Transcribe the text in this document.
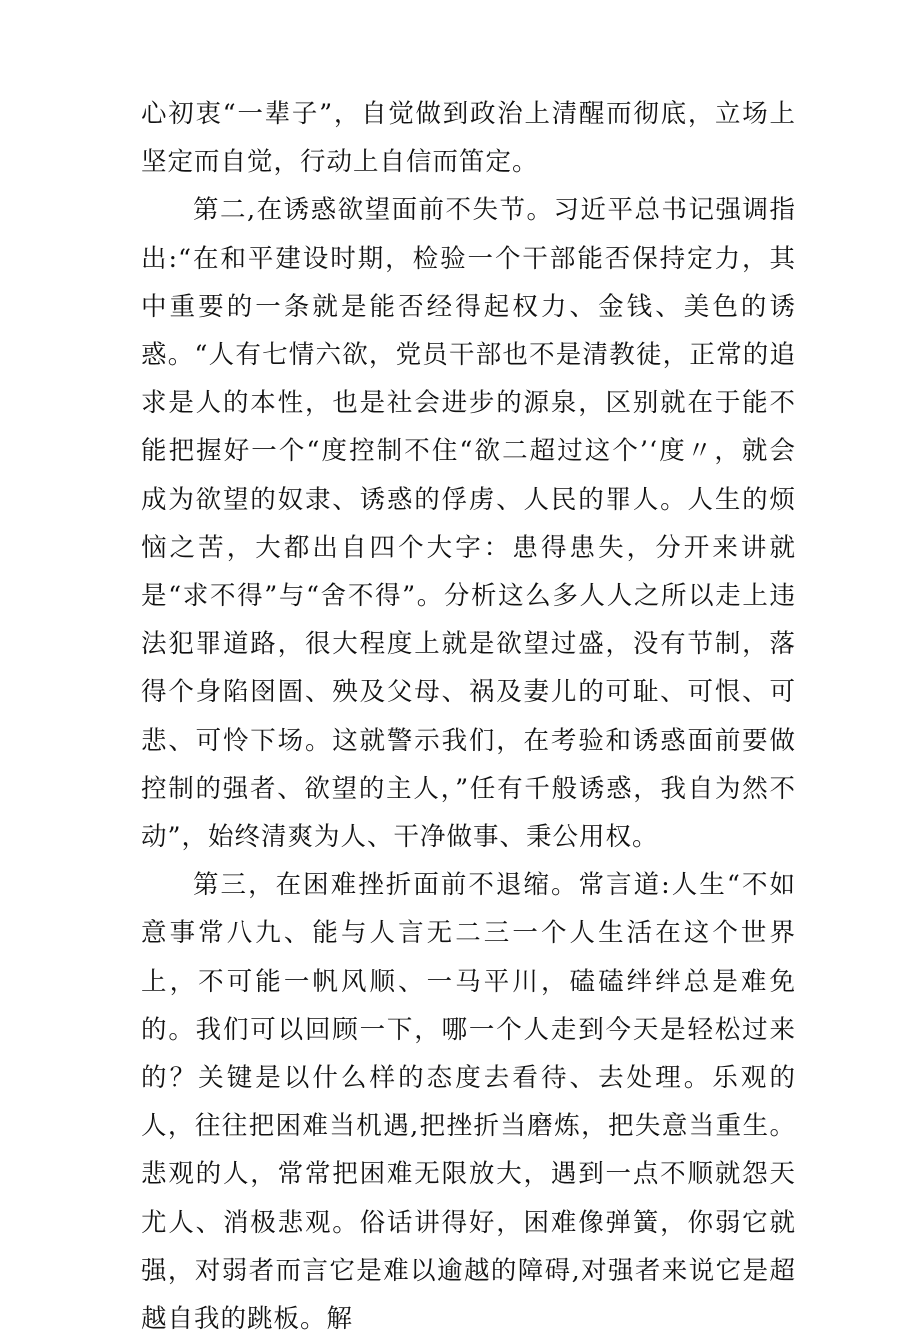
心初衷“一辈子”，自觉做到政治上清醒而彻底，立场上坚定而自觉，行动上自信而笛定。

第二,在诱惑欲望面前不失节。习近平总书记强调指出:“在和平建设时期，检验一个干部能否保持定力，其中重要的一条就是能否经得起权力、金钱、美色的诱惑。“人有七情六欲，党员干部也不是清教徒，正常的追求是人的本性，也是社会进步的源泉，区别就在于能不能把握好一个“度控制不住“欲二超过这个’‘度〃，就会成为欲望的奴隶、诱惑的俘虏、人民的罪人。人生的烦恼之苦，大都出自四个大字：患得患失，分开来讲就是“求不得”与“舍不得”。分析这么多人人之所以走上违法犯罪道路，很大程度上就是欲望过盛，没有节制，落得个身陷囹圄、殃及父母、祸及妻儿的可耻、可恨、可悲、可怜下场。这就警示我们，在考验和诱惑面前要做控制的强者、欲望的主人，”任有千般诱惑，我自为然不动”，始终清爽为人、干净做事、秉公用权。

第三，在困难挫折面前不退缩。常言道:人生“不如意事常八九、能与人言无二三一个人生活在这个世界上，不可能一帆风顺、一马平川，磕磕绊绊总是难免的。我们可以回顾一下，哪一个人走到今天是轻松过来的？关键是以什么样的态度去看待、去处理。乐观的人，往往把困难当机遇,把挫折当磨炼，把失意当重生。悲观的人，常常把困难无限放大，遇到一点不顺就怨天尤人、消极悲观。俗话讲得好，困难像弹簧，你弱它就强，对弱者而言它是难以逾越的障碍,对强者来说它是超越自我的跳板。解
